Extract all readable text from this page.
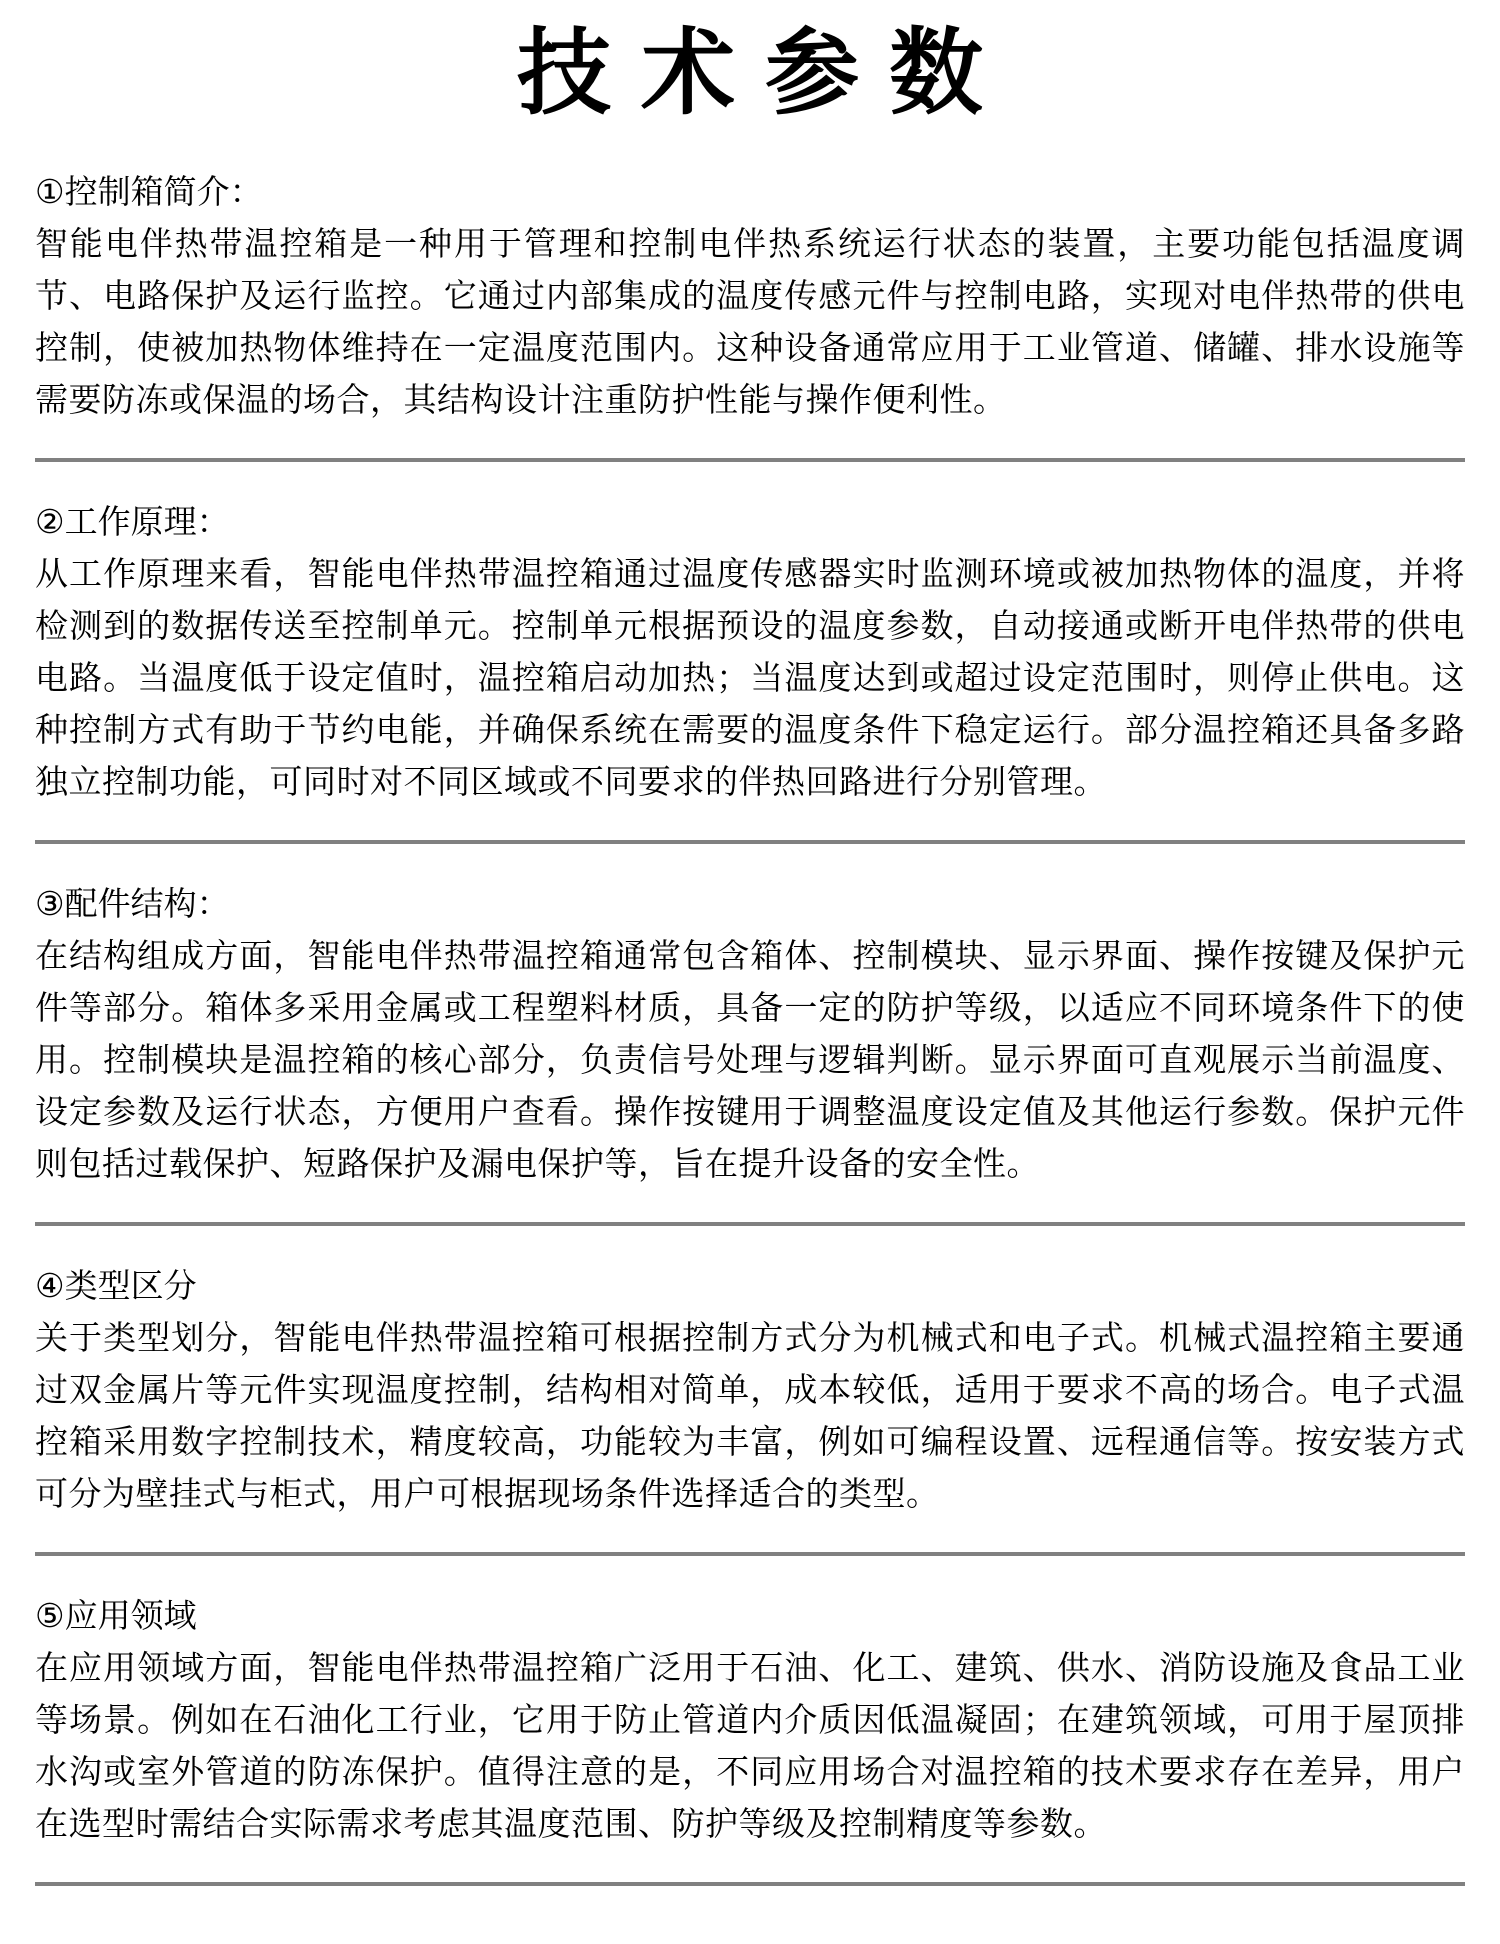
技术参数
①控制箱简介：

智能电伴热带温控箱是一种用于管理和控制电伴热系统运行状态的装置，主要功能包括温度调节、电路保护及运行监控。它通过内部集成的温度传感元件与控制电路，实现对电伴热带的供电控制，使被加热物体维持在一定温度范围内。这种设备通常应用于工业管道、储罐、排水设施等需要防冻或保温的场合，其结构设计注重防护性能与操作便利性。

②工作原理：

从工作原理来看，智能电伴热带温控箱通过温度传感器实时监测环境或被加热物体的温度，并将检测到的数据传送至控制单元。控制单元根据预设的温度参数，自动接通或断开电伴热带的供电电路。当温度低于设定值时，温控箱启动加热；当温度达到或超过设定范围时，则停止供电。这种控制方式有助于节约电能，并确保系统在需要的温度条件下稳定运行。部分温控箱还具备多路独立控制功能，可同时对不同区域或不同要求的伴热回路进行分别管理。

③配件结构：

在结构组成方面，智能电伴热带温控箱通常包含箱体、控制模块、显示界面、操作按键及保护元件等部分。箱体多采用金属或工程塑料材质，具备一定的防护等级，以适应不同环境条件下的使用。控制模块是温控箱的核心部分，负责信号处理与逻辑判断。显示界面可直观展示当前温度、设定参数及运行状态，方便用户查看。操作按键用于调整温度设定值及其他运行参数。保护元件则包括过载保护、短路保护及漏电保护等，旨在提升设备的安全性。

④类型区分

关于类型划分，智能电伴热带温控箱可根据控制方式分为机械式和电子式。机械式温控箱主要通过双金属片等元件实现温度控制，结构相对简单，成本较低，适用于要求不高的场合。电子式温控箱采用数字控制技术，精度较高，功能较为丰富，例如可编程设置、远程通信等。按安装方式可分为壁挂式与柜式，用户可根据现场条件选择适合的类型。

⑤应用领域

在应用领域方面，智能电伴热带温控箱广泛用于石油、化工、建筑、供水、消防设施及食品工业等场景。例如在石油化工行业，它用于防止管道内介质因低温凝固；在建筑领域，可用于屋顶排水沟或室外管道的防冻保护。值得注意的是，不同应用场合对温控箱的技术要求存在差异，用户在选型时需结合实际需求考虑其温度范围、防护等级及控制精度等参数。
